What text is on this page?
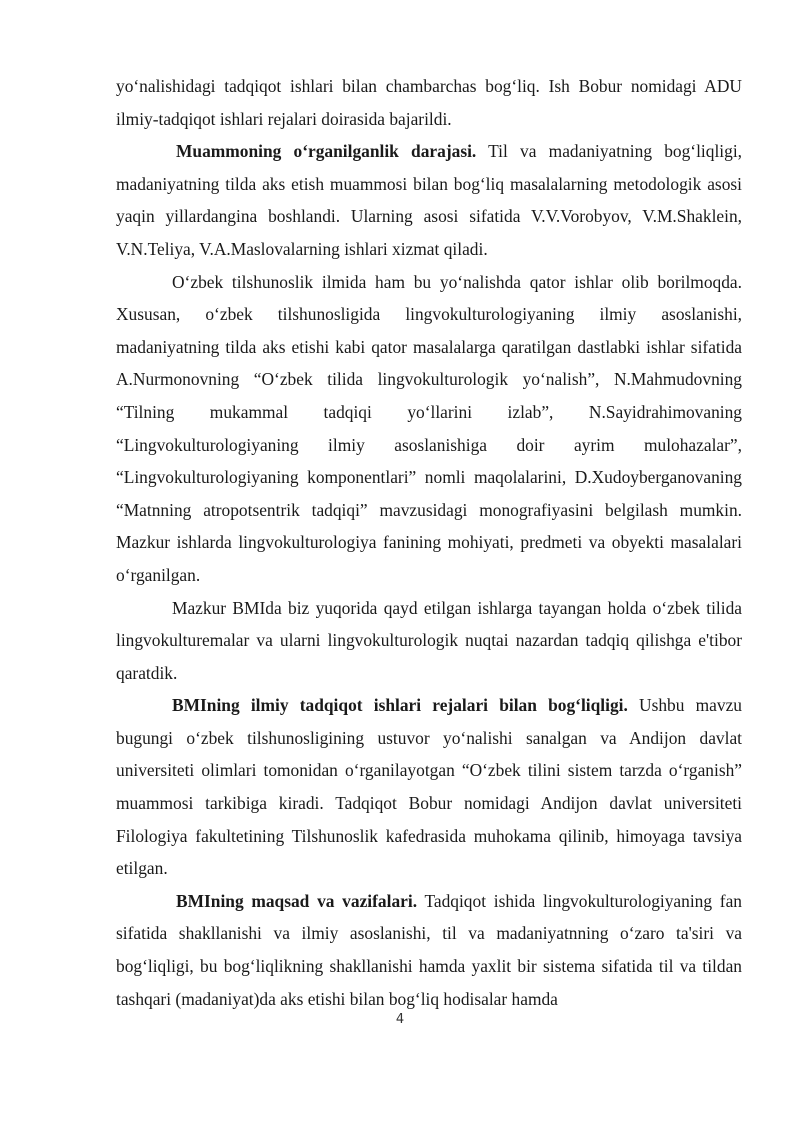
yo‘nalishidagi tadqiqot ishlari bilan chambarchas bog‘liq. Ish Bobur nomidagi ADU ilmiy-tadqiqot ishlari rejalari doirasida bajarildi.

Muammoning o‘rganilganlik darajasi. Til va madaniyatning bog‘liqligi, madaniyatning tilda aks etish muammosi bilan bog‘liq masalalarning metodologik asosi yaqin yillardangina boshlandi. Ularning asosi sifatida V.V.Vorobyov, V.M.Shaklein, V.N.Teliya, V.A.Maslovalarning ishlari xizmat qiladi.

O‘zbek tilshunoslik ilmida ham bu yo‘nalishda qator ishlar olib borilmoqda. Xususan, o‘zbek tilshunosligida lingvokulturologiyaning ilmiy asoslanishi, madaniyatning tilda aks etishi kabi qator masalalarga qaratilgan dastlabki ishlar sifatida A.Nurmonovning “O‘zbek tilida lingvokulturologik yo‘nalish”, N.Mahmudovning “Tilning mukammal tadqiqi yo‘llarini izlab”, N.Sayidrahimovaning “Lingvokulturologiyaning ilmiy asoslanishiga doir ayrim mulohazalar”, “Lingvokulturologiyaning komponentlari” nomli maqolalarini, D.Xudoyberganovaning “Matnning atropotsentrik tadqiqi” mavzusidagi monografiyasini belgilash mumkin. Mazkur ishlarda lingvokulturologiya fanining mohiyati, predmeti va obyekti masalalari o‘rganilgan.

Mazkur BMIda biz yuqorida qayd etilgan ishlarga tayangan holda o‘zbek tilida lingvokulturemalar va ularni lingvokulturologik nuqtai nazardan tadqiq qilishga e'tibor qaratdik.

BMIning ilmiy tadqiqot ishlari rejalari bilan bog‘liqligi. Ushbu mavzu bugungi o‘zbek tilshunosligining ustuvor yo‘nalishi sanalgan va Andijon davlat universiteti olimlari tomonidan o‘rganilayotgan “O‘zbek tilini sistem tarzda o‘rganish” muammosi tarkibiga kiradi. Tadqiqot Bobur nomidagi Andijon davlat universiteti Filologiya fakultetining Tilshunoslik kafedrasida muhokama qilinib, himoyaga tavsiya etilgan.

BMIning maqsad va vazifalari. Tadqiqot ishida lingvokulturologiyaning fan sifatida shakllanishi va ilmiy asoslanishi, til va madaniyatnning o‘zaro ta'siri va bog‘liqligi, bu bog‘liqlikning shakllanishi hamda yaxlit bir sistema sifatida til va tildan tashqari (madaniyat)da aks etishi bilan bog‘liq hodisalar hamda

4
